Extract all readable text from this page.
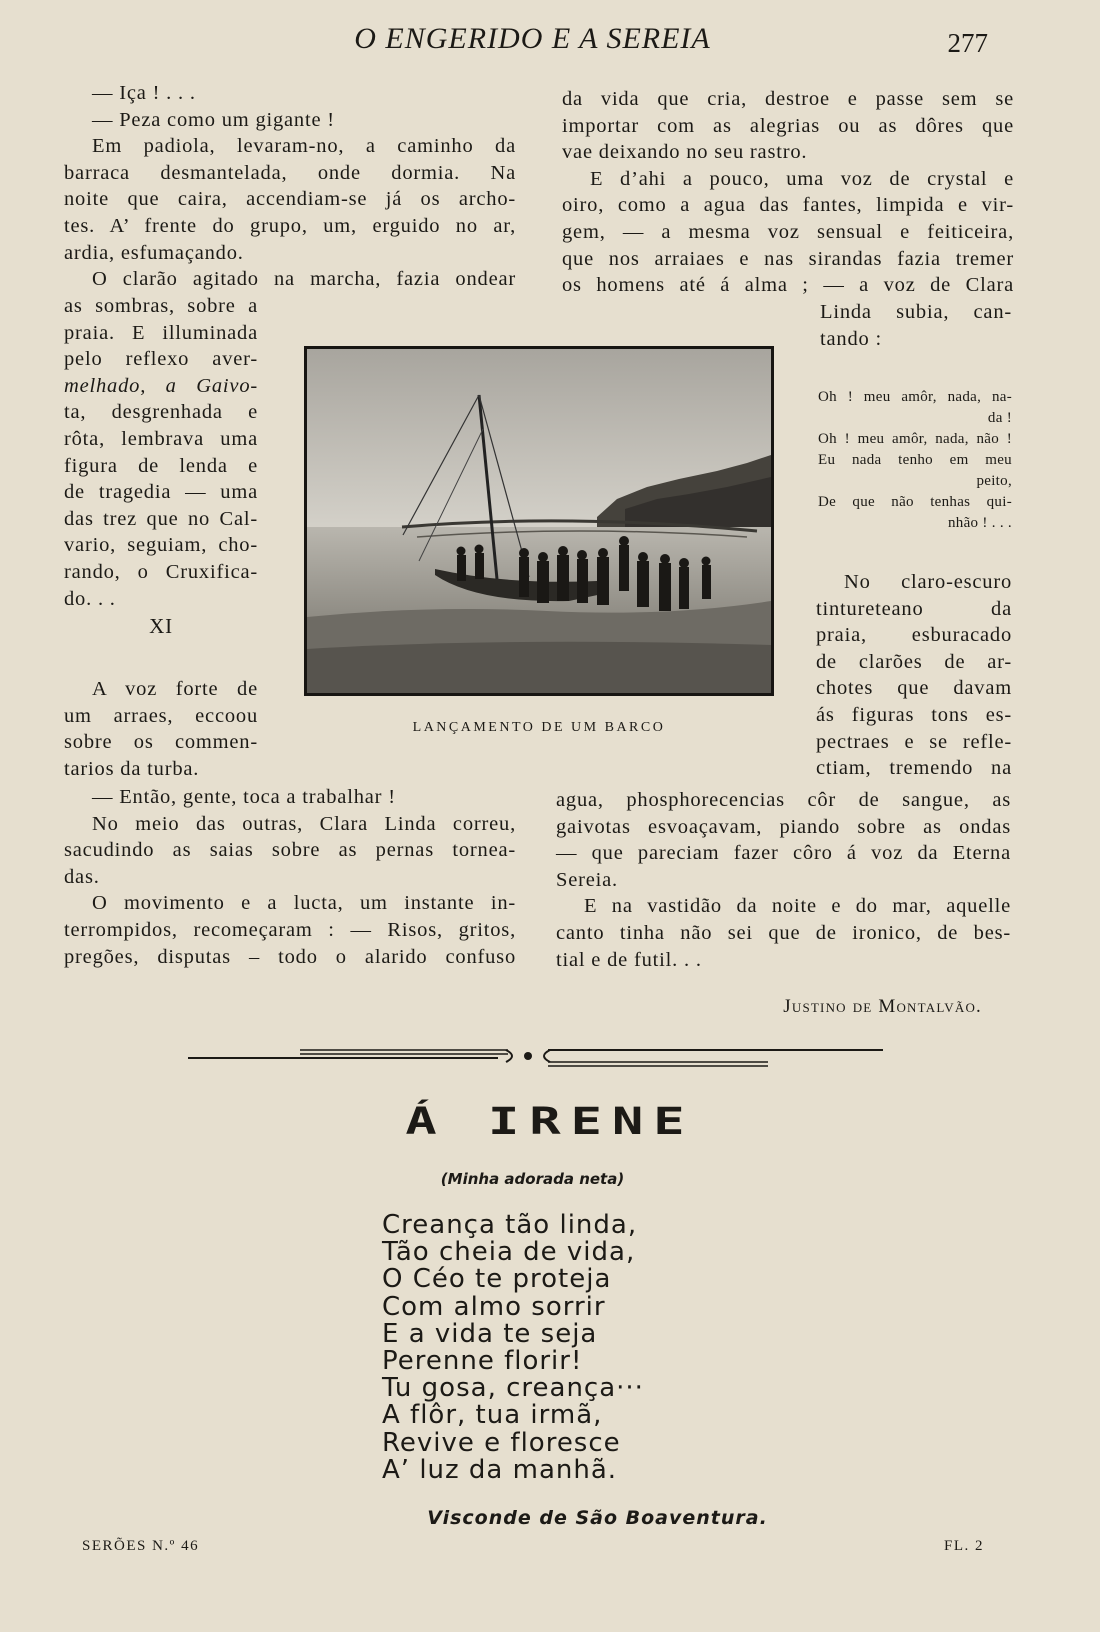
O ENGERIDO E A SEREIA	277
— Iça ! . . .
— Peza como um gigante !
Em padiola, levaram-no, a caminho da
barraca desmantelada, onde dormia. Na
noite que caira, accendiam-se já os archo-
tes. A’ frente do grupo, um, erguido no ar,
ardia, esfumaçando.
O clarão agitado na marcha, fazia ondear
as sombras, sobre a
praia. E illuminada
pelo reflexo aver-
melhado, a Gaivo-
ta, desgrenhada e
rôta, lembrava uma
figura de lenda e
de tragedia — uma
das trez que no Cal-
vario, seguiam, cho-
rando, o Cruxifica-
do. . .
XI
A voz forte de
um arraes, eccoou
sobre os commen-
tarios da turba.
— Então, gente, toca a trabalhar !
No meio das outras, Clara Linda correu,
sacudindo as saias sobre as pernas tornea-
das.
O movimento e a lucta, um instante in-
terrompidos, recomeçaram : — Risos, gritos,
pregões, disputas – todo o alarido confuso
da vida que cria, destroe e passe sem se
importar com as alegrias ou as dôres que
vae deixando no seu rastro.
E d’ahi a pouco, uma voz de crystal e
oiro, como a agua das fantes, limpida e vir-
gem, — a mesma voz sensual e feiticeira,
que nos arraiaes e nas sirandas fazia tremer
os homens até á alma ; — a voz de Clara
Linda subia, can-
tando :
Oh ! meu amôr, nada, na-
da !
Oh ! meu amôr, nada, não !
Eu nada tenho em meu
peito,
De que não tenhas qui-
nhão ! . . .
No claro-escuro
tintureteano da
praia, esburacado
de clarões de ar-
chotes que davam
ás figuras tons es-
pectraes e se refle-
ctiam, tremendo na
agua, phosphorecencias côr de sangue, as
gaivotas esvoaçavam, piando sobre as ondas
— que pareciam fazer côro á voz da Eterna
Sereia.
E na vastidão da noite e do mar, aquelle
canto tinha não sei que de ironico, de bes-
tial e de futil. . .
Justino de Montalvão.
LANÇAMENTO DE UM BARCO
Á IRENE
(Minha adorada neta)
Creança tão linda,
Tão cheia de vida,
O Céo te proteja
Com almo sorrir
E a vida te seja
Perenne florir!
Tu gosa, creança···
A flôr, tua irmã,
Revive e floresce
A’ luz da manhã.
Visconde de São Boaventura.
SERÕES N.º 46	FL. 2
